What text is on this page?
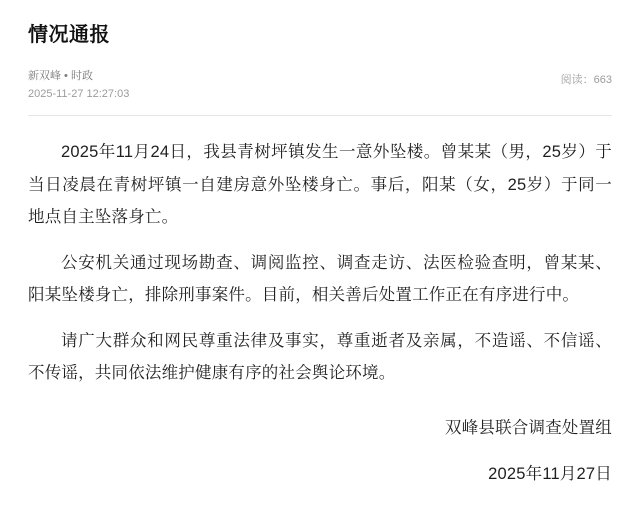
情况通报
新双峰 • 时政
2025-11-27 12:27:03
阅读：663

2025年11月24日，我县青树坪镇发生一意外坠楼。曾某某（男，25岁）于当日凌晨在青树坪镇一自建房意外坠楼身亡。事后，阳某（女，25岁）于同一地点自主坠落身亡。

公安机关通过现场勘查、调阅监控、调查走访、法医检验查明，曾某某、阳某坠楼身亡，排除刑事案件。目前，相关善后处置工作正在有序进行中。

请广大群众和网民尊重法律及事实，尊重逝者及亲属，不造谣、不信谣、不传谣，共同依法维护健康有序的社会舆论环境。

双峰县联合调查处置组

2025年11月27日
